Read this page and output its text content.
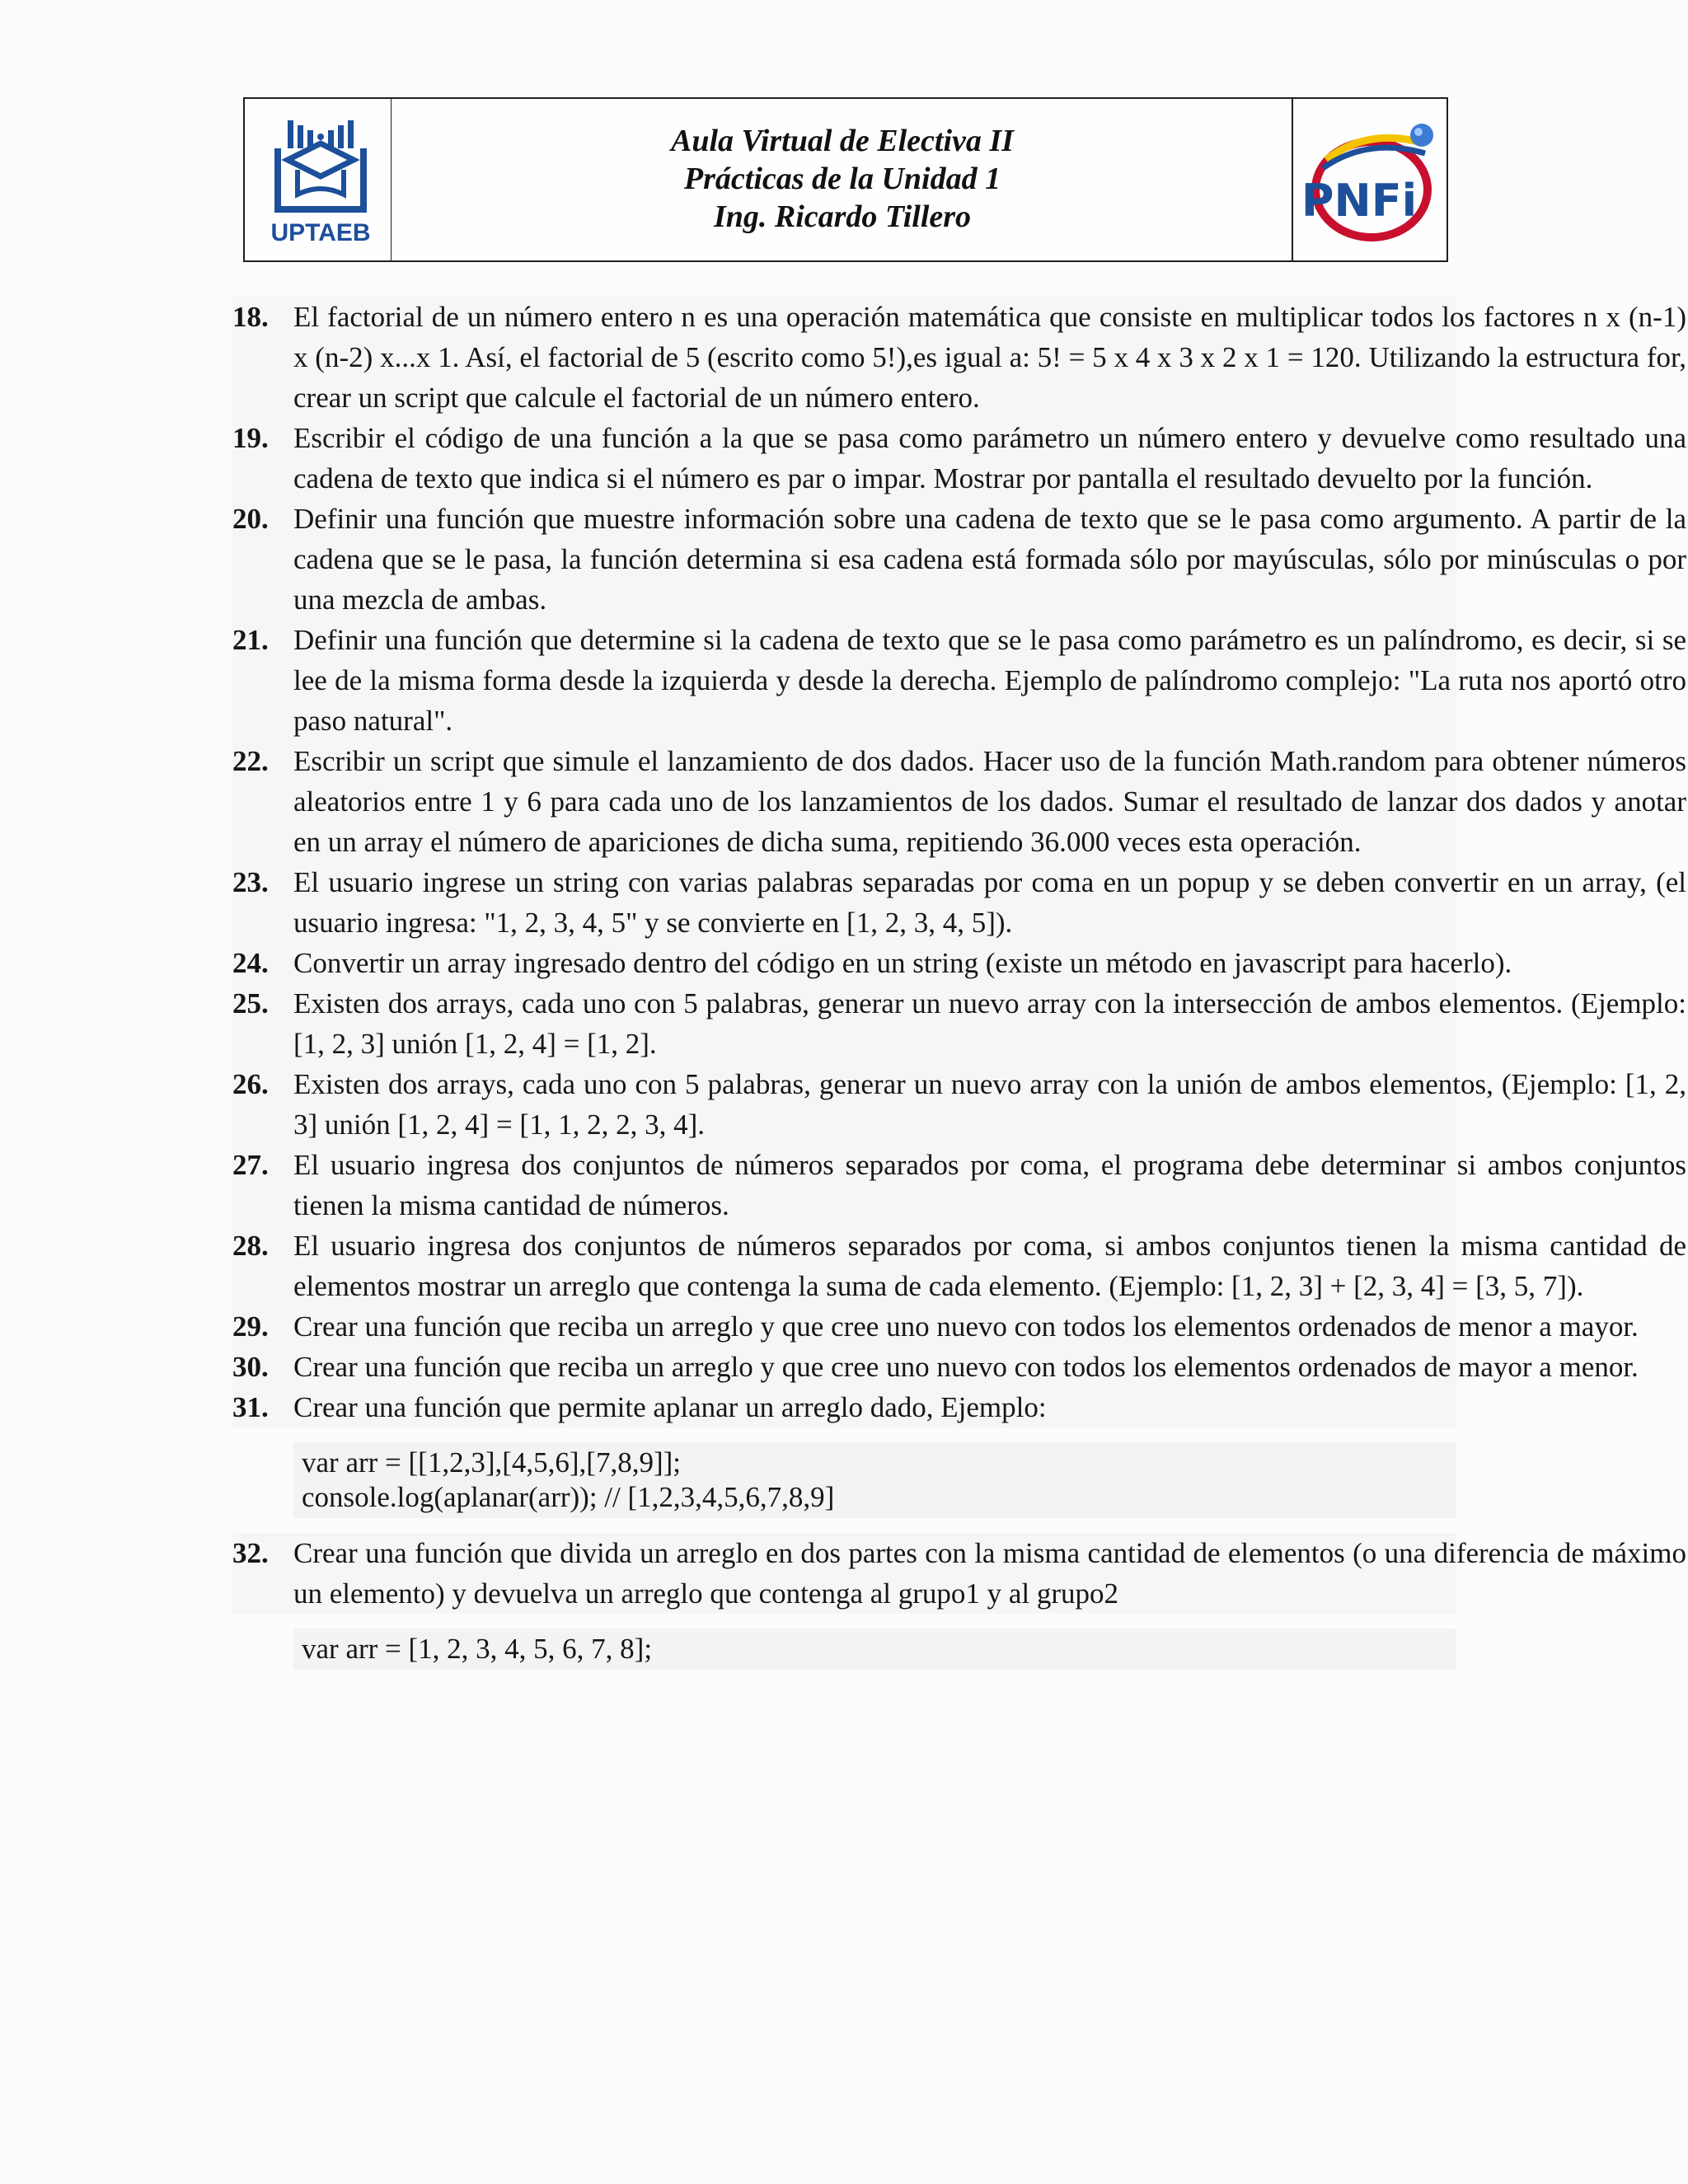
UPTAEB
Aula Virtual de Electiva II
Prácticas de la Unidad 1
Ing. Ricardo Tillero	PNFi
18. El factorial de un número entero n es una operación matemática que consiste en multiplicar todos los factores n x (n-1) x (n-2) x...x 1. Así, el factorial de 5 (escrito como 5!),es igual a: 5! = 5 x 4 x 3 x 2 x 1 = 120. Utilizando la estructura for, crear un script que calcule el factorial de un número entero.
19. Escribir el código de una función a la que se pasa como parámetro un número entero y devuelve como resultado una cadena de texto que indica si el número es par o impar. Mostrar por pantalla el resultado devuelto por la función.
20. Definir una función que muestre información sobre una cadena de texto que se le pasa como argumento. A partir de la cadena que se le pasa, la función determina si esa cadena está formada sólo por mayúsculas, sólo por minúsculas o por una mezcla de ambas.
21. Definir una función que determine si la cadena de texto que se le pasa como parámetro es un palíndromo, es decir, si se lee de la misma forma desde la izquierda y desde la derecha. Ejemplo de palíndromo complejo: "La ruta nos aportó otro paso natural".
22. Escribir un script que simule el lanzamiento de dos dados. Hacer uso de la función Math.random para obtener números aleatorios entre 1 y 6 para cada uno de los lanzamientos de los dados. Sumar el resultado de lanzar dos dados y anotar en un array el número de apariciones de dicha suma, repitiendo 36.000 veces esta operación.
23. El usuario ingrese un string con varias palabras separadas por coma en un popup y se deben convertir en un array, (el usuario ingresa: "1, 2, 3, 4, 5" y se convierte en [1, 2, 3, 4, 5]).
24. Convertir un array ingresado dentro del código en un string (existe un método en javascript para hacerlo).
25. Existen dos arrays, cada uno con 5 palabras, generar un nuevo array con la intersección de ambos elementos. (Ejemplo: [1, 2, 3] unión [1, 2, 4] = [1, 2].
26. Existen dos arrays, cada uno con 5 palabras, generar un nuevo array con la unión de ambos elementos, (Ejemplo: [1, 2, 3] unión [1, 2, 4] = [1, 1, 2, 2, 3, 4].
27. El usuario ingresa dos conjuntos de números separados por coma, el programa debe determinar si ambos conjuntos tienen la misma cantidad de números.
28. El usuario ingresa dos conjuntos de números separados por coma, si ambos conjuntos tienen la misma cantidad de elementos mostrar un arreglo que contenga la suma de cada elemento. (Ejemplo: [1, 2, 3] + [2, 3, 4] = [3, 5, 7]).
29. Crear una función que reciba un arreglo y que cree uno nuevo con todos los elementos ordenados de menor a mayor.
30. Crear una función que reciba un arreglo y que cree uno nuevo con todos los elementos ordenados de mayor a menor.
31. Crear una función que permite aplanar un arreglo dado, Ejemplo:
var arr = [[1,2,3],[4,5,6],[7,8,9]];
console.log(aplanar(arr)); // [1,2,3,4,5,6,7,8,9]
32. Crear una función que divida un arreglo en dos partes con la misma cantidad de elementos (o una diferencia de máximo un elemento) y devuelva un arreglo que contenga al grupo1 y al grupo2
var arr = [1, 2, 3, 4, 5, 6, 7, 8];
